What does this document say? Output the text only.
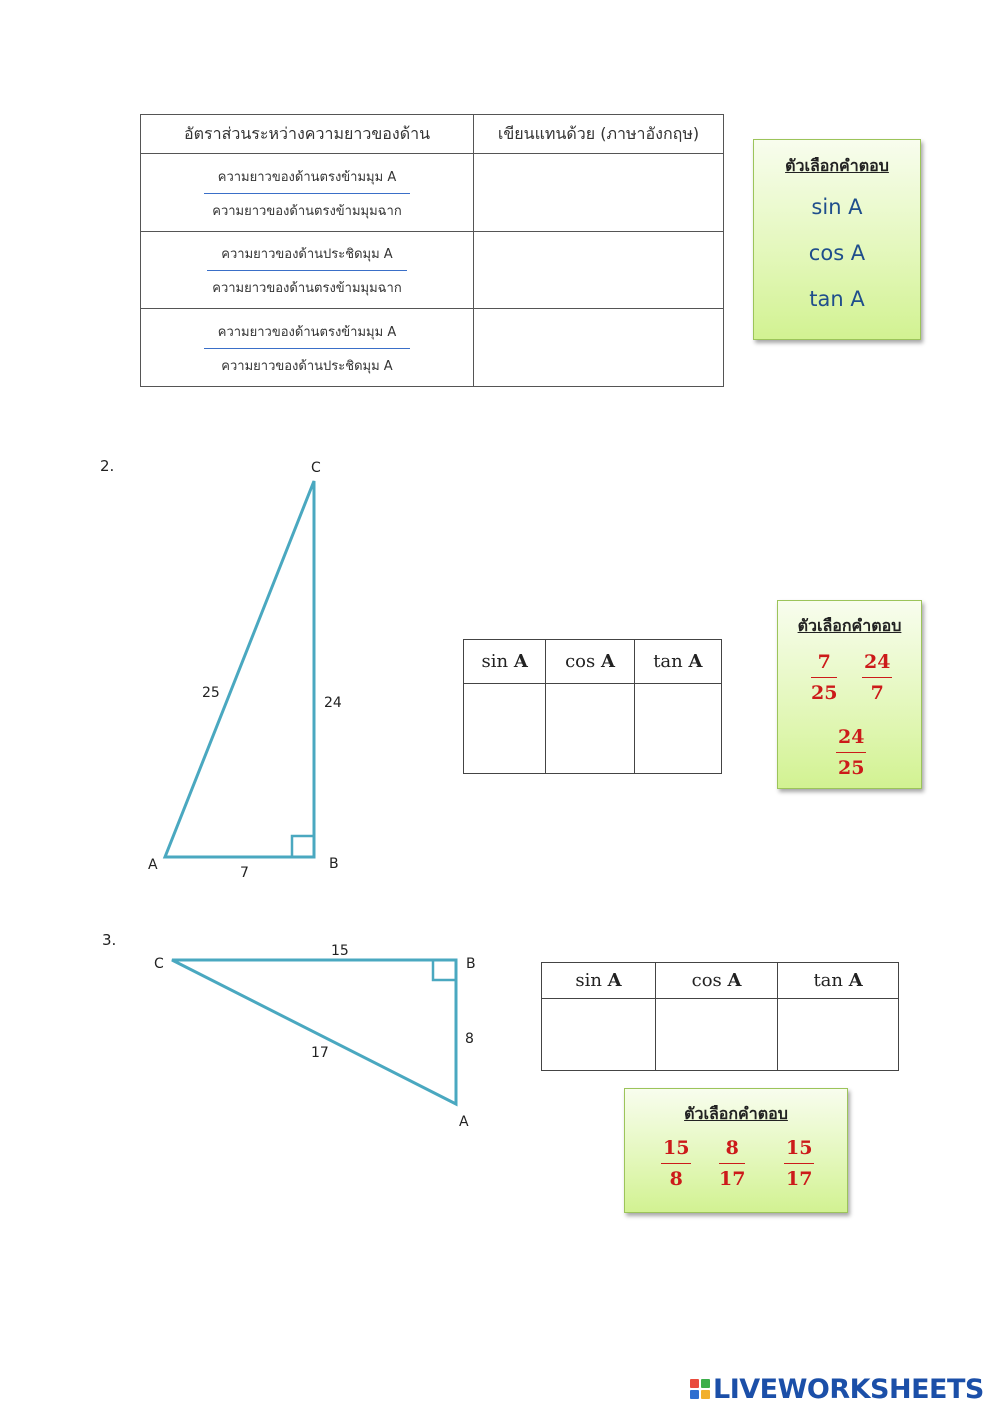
อัตราส่วนระหว่างความยาวของด้าน	เขียนแทนด้วย (ภาษาอังกฤษ)

$\frac{\text{ความยาวของด้านตรงข้ามมุม A}}{\text{ความยาวของด้านตรงข้ามมุมฉาก}}$

$\frac{\text{ความยาวของด้านประชิดมุม A}}{\text{ความยาวของด้านตรงข้ามมุมฉาก}}$

$\frac{\text{ความยาวของด้านตรงข้ามมุม A}}{\text{ความยาวของด้านประชิดมุม A}}$

ตัวเลือกคำตอบ
sin A
cos A
tan A
2.	C
A	B
25
24
7
sin A	cos A	tan A

ตัวเลือกคำตอบ
7
25
24
7
24
25
3.
C	B
A
15
8
17
sin A	cos A	tan A

ตัวเลือกคำตอบ
15
8
8
17
15
17
LIVEWORKSHEETS
